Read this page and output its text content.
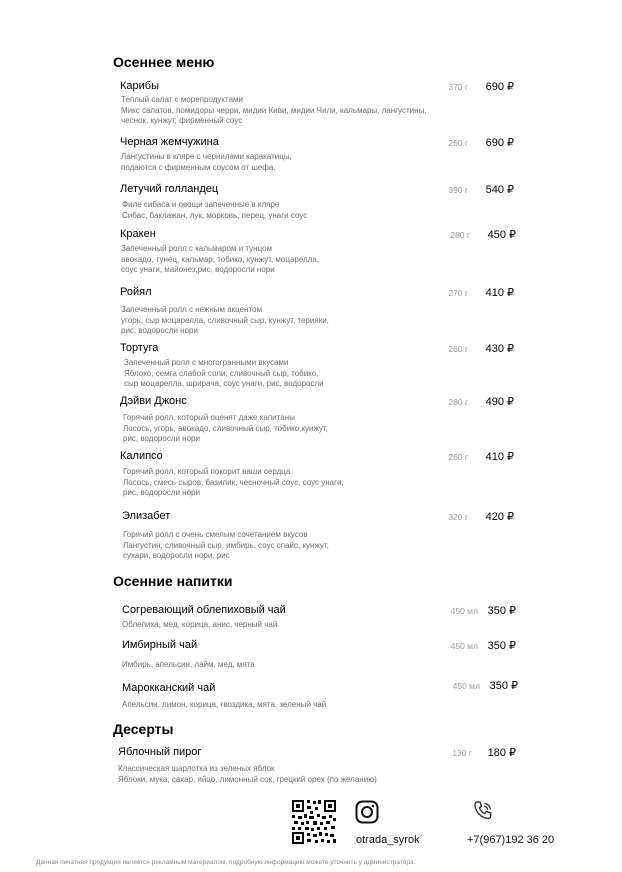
Осеннее меню
Осенние напитки
Десерты
Карибы	370 г	690 ₽
Теплый салат с морепродуктами
Микс салатов, помидоры черри, мидии Киви, мидии Чили, кальмары, лангустины,
чеснок, кунжут, фирменный соус
Черная жемчужина	260 г	690 ₽
Лангустины в кляре с чернилами каракатицы,
подаются с фирменным соусом от шефа.
Летучий голландец	390 г	540 ₽
Филе сибаса и овощи запеченные в кляре
Сибас, баклажан, лук, морковь, перец, унаги соус
Кракен	280 г	450 ₽
Запеченный ролл с кальмаром и тунцом
авокадо, тунец, кальмар, тобико, кунжут, моцарелла,
соус унаги, майонез,рис, водоросли нори
Ройял	270 г	410 ₽
Запеченный ролл с нежным акцентом
угорь, сыр моцарелла, сливочный сыр, кунжут, терияки,
рис, водоросли нори
Тортуга	260 г	430 ₽
Запеченный ролл с многогранными вкусами
Яблоко, семга слабой соли, сливочный сыр, тобико,
сыр моцарелла, шрирача, соус унаги, рис, водоросли
Дэйви Джонс	280 г	490 ₽
Горячий ролл, который оценят даже капитаны
Лосось, угорь, авокадо, сливочный сыр, тобико,кунжут,
рис, водоросли нори
Калипсо	260 г	410 ₽
Горячий ролл, который покорит ваши сердца
Лосось, смесь сыров, базилик, чесночный соус, соус унаги,
рис, водоросли нори
Элизабет	320 г	420 ₽
Горячий ролл с очень смелым сочетанием вкусов
Лангустин, сливочный сыр, имбирь, соус спайс, кунжут,
сухари, водоросли нори, рис
Согревающий облепиховый чай	450 мл 350 ₽
Облепиха, мед, корица, анис, черный чай
Имбирный чай	450 мл 350 ₽
Имбирь, апельсин, лайм, мед, мята
Марокканский чай	450 мл 350 ₽
Апельсин, лимон, корица, гвоздика, мята, зеленый чай
Яблочный пирог	130 г	180 ₽
Классическая шарлотка из зеленых яблок
Яблоки, мука, сахар, яйцо, лимонный сок, грецкий орех (по желанию)
otrada_syrok	+7(967)192 36 20
Данная печатная продукция является рекламным материалом, подробную информацию можете уточнить у администратора.
